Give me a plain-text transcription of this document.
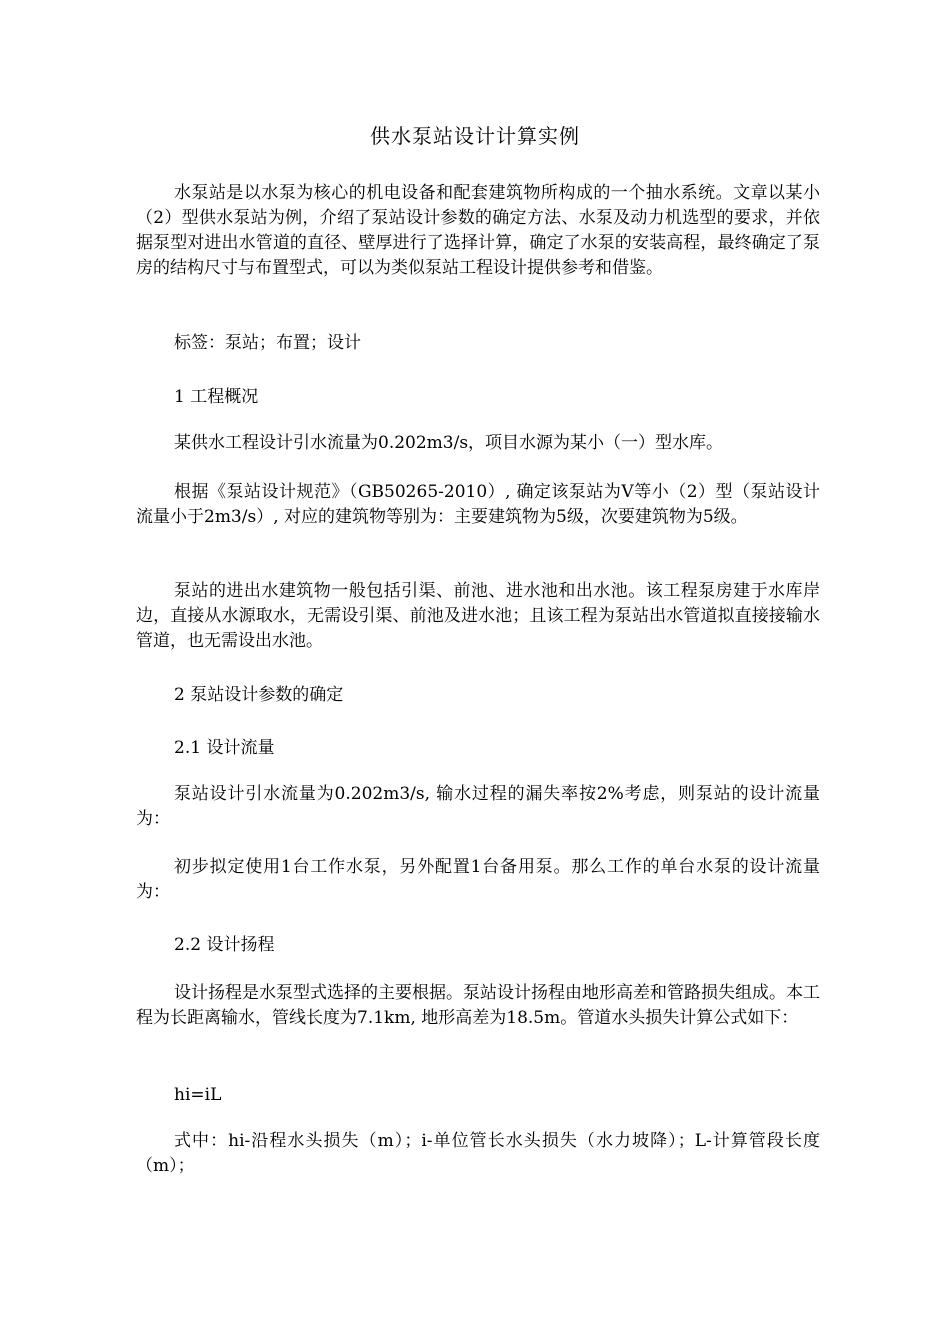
供水泵站设计计算实例

水泵站是以水泵为核心的机电设备和配套建筑物所构成的一个抽水系统。文章以某小（2）型供水泵站为例，介绍了泵站设计参数的确定方法、水泵及动力机选型的要求，并依据泵型对进出水管道的直径、壁厚进行了选择计算，确定了水泵的安装高程，最终确定了泵房的结构尺寸与布置型式，可以为类似泵站工程设计提供参考和借鉴。

标签：泵站；布置；设计

1 工程概况

某供水工程设计引水流量为0.202m3/s，项目水源为某小（一）型水库。

根据《泵站设计规范》（GB50265-2010）, 确定该泵站为Ⅴ等小（2）型（泵站设计流量小于2m3/s）, 对应的建筑物等别为：主要建筑物为5级，次要建筑物为5级。

泵站的进出水建筑物一般包括引渠、前池、进水池和出水池。该工程泵房建于水库岸边，直接从水源取水，无需设引渠、前池及进水池；且该工程为泵站出水管道拟直接接输水管道，也无需设出水池。

2 泵站设计参数的确定

2.1 设计流量

泵站设计引水流量为0.202m3/s, 输水过程的漏失率按2%考虑，则泵站的设计流量为：

初步拟定使用1台工作水泵，另外配置1台备用泵。那么工作的单台水泵的设计流量为：

2.2 设计扬程

设计扬程是水泵型式选择的主要根据。泵站设计扬程由地形高差和管路损失组成。本工程为长距离输水，管线长度为7.1km, 地形高差为18.5m。管道水头损失计算公式如下：

hi=iL

式中：hi-沿程水头损失（m）；i-单位管长水头损失（水力坡降）；L-计算管段长度（m）；
